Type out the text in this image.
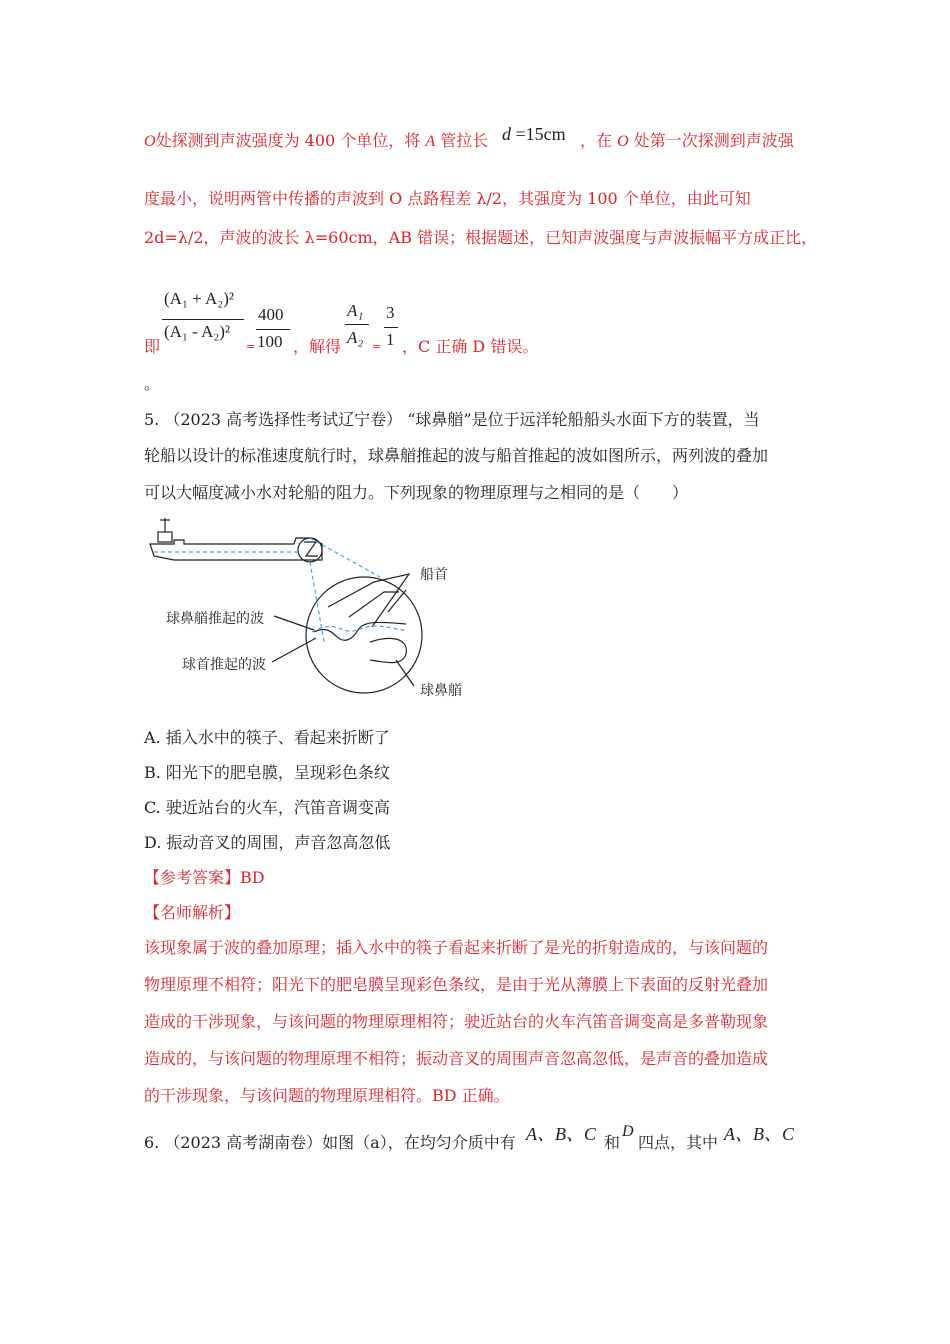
O处探测到声波强度为 400 个单位，将 A 管拉长 d =15cm ，在 O 处第一次探测到声波强
度最小，说明两管中传播的声波到 O 点路程差 λ/2，其强度为 100 个单位，由此可知
2d=λ/2，声波的波长 λ=60cm，AB 错误；根据题述，已知声波强度与声波振幅平方成正比，
即
(A₁ + A₂)²
(A₁ - A₂)²
=
400
100 ，解得
A₁
A₂ =
3
1 ，C 正确 D 错误。
。
5. （2023 高考选择性考试辽宁卷） “球鼻艏”是位于远洋轮船船头水面下方的装置，当
轮船以设计的标准速度航行时，球鼻艏推起的波与船首推起的波如图所示，两列波的叠加
可以大幅度减小水对轮船的阻力。下列现象的物理原理与之相同的是（　　）
船首
球鼻艏推起的波
球首推起的波
球鼻艏
A. 插入水中的筷子、看起来折断了
B. 阳光下的肥皂膜，呈现彩色条纹
C. 驶近站台的火车，汽笛音调变高
D. 振动音叉的周围，声音忽高忽低
【参考答案】BD
【名师解析】
该现象属于波的叠加原理；插入水中的筷子看起来折断了是光的折射造成的，与该问题的
物理原理不相符；阳光下的肥皂膜呈现彩色条纹，是由于光从薄膜上下表面的反射光叠加
造成的干涉现象，与该问题的物理原理相符；驶近站台的火车汽笛音调变高是多普勒现象
造成的，与该问题的物理原理不相符；振动音叉的周围声音忽高忽低，是声音的叠加造成
的干涉现象，与该问题的物理原理相符。BD 正确。
6. （2023 高考湖南卷）如图（a），在均匀介质中有 A、B、C 和
D
四点，其中 A、B、C
